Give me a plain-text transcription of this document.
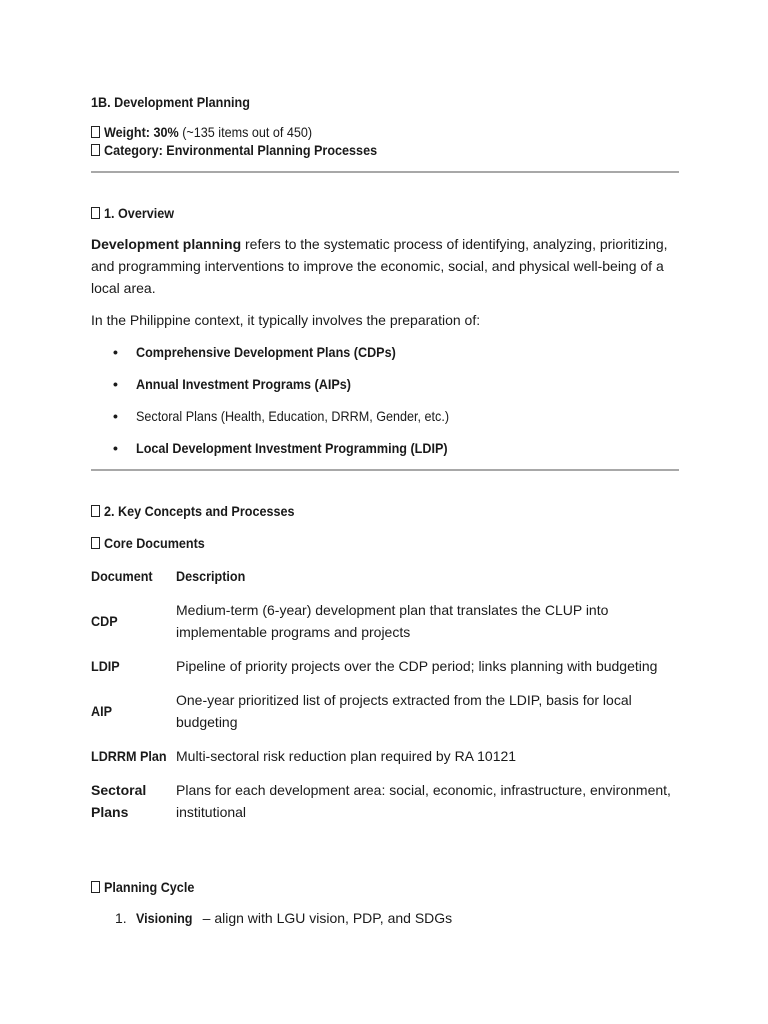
1B. Development Planning
Weight: 30% (~135 items out of 450)
Category: Environmental Planning Processes
1. Overview

Development planning refers to the systematic process of identifying, analyzing, prioritizing, and programming interventions to improve the economic, social, and physical well-being of a local area.

In the Philippine context, it typically involves the preparation of:

• Comprehensive Development Plans (CDPs)
• Annual Investment Programs (AIPs)
• Sectoral Plans (Health, Education, DRRM, Gender, etc.)
• Local Development Investment Programming (LDIP)
2. Key Concepts and Processes
Core Documents
Document	Description
CDP	Medium-term (6-year) development plan that translates the CLUP into implementable programs and projects
LDIP	Pipeline of priority projects over the CDP period; links planning with budgeting
AIP	One-year prioritized list of projects extracted from the LDIP, basis for local budgeting
LDRRM Plan	Multi-sectoral risk reduction plan required by RA 10121
Sectoral Plans	Plans for each development area: social, economic, infrastructure, environment, institutional
Planning Cycle
1. Visioning – align with LGU vision, PDP, and SDGs
